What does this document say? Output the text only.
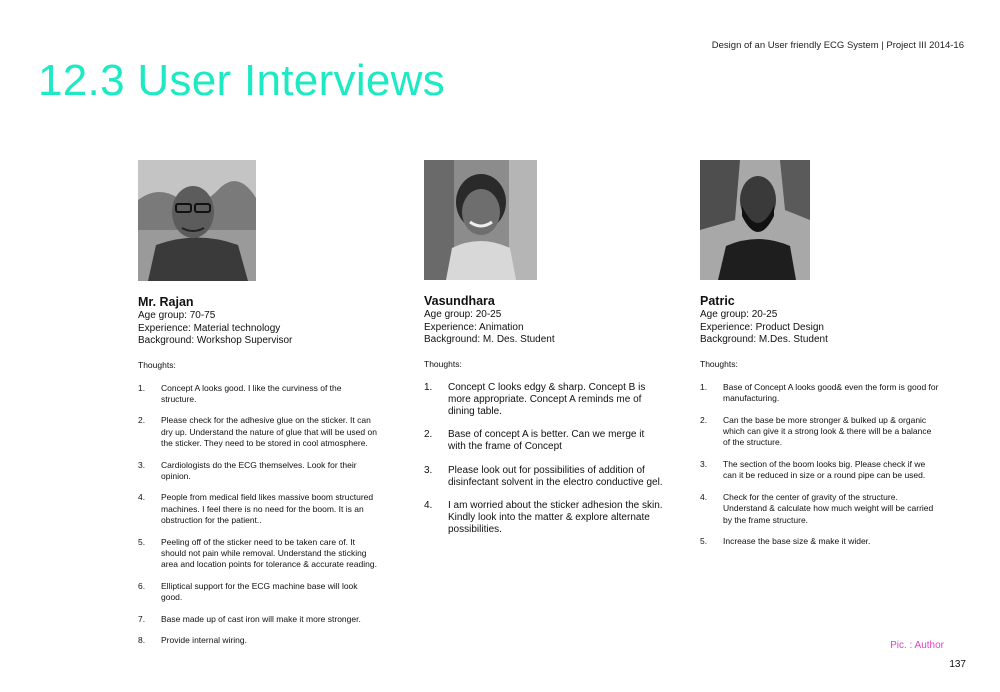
Design of an User friendly ECG System | Project III 2014-16
12.3 User Interviews
Mr. Rajan
Age group: 70-75
Experience: Material technology
Background: Workshop Supervisor
Thoughts:
1. Concept A looks good. I like the curviness of the structure.
2. Please check for the adhesive glue on the sticker. It can dry up. Understand the nature of glue that will be used on the sticker. They need to be stored in cool atmosphere.
3. Cardiologists do the ECG themselves. Look for their opinion.
4. People from medical field likes massive boom structured machines. I feel there is no need for the boom. It is an obstruction for the patient..
5. Peeling off of the sticker need to be taken care of. It should not pain while removal. Understand the sticking area and location points for tolerance & accurate reading.
6. Elliptical support for the ECG machine base will look good.
7. Base made up of cast iron will make it more stronger.
8. Provide internal wiring.
Vasundhara
Age group: 20-25
Experience: Animation
Background: M. Des. Student
Thoughts:
1. Concept C looks edgy & sharp. Concept B is more appropriate. Concept A reminds me of dining table.
2. Base of concept A is better. Can we merge it with the frame of Concept
3. Please look out for possibilities of addition of disinfectant solvent in the electro conductive gel.
4. I am worried about the sticker adhesion the skin. Kindly look into the matter & explore alternate possibilities.
Patric
Age group: 20-25
Experience: Product Design
Background: M.Des. Student
Thoughts:
1. Base of Concept A looks good& even the form is good for manufacturing.
2. Can the base be more stronger & bulked up & organic which can give it a strong look & there will be a balance of the structure.
3. The section of the boom looks big. Please check if we can it be reduced in size or a round pipe can be used.
4. Check for the center of gravity of the structure. Understand & calculate how much weight will be carried by the frame structure.
5. Increase the base size & make it wider.
Pic. : Author
137
